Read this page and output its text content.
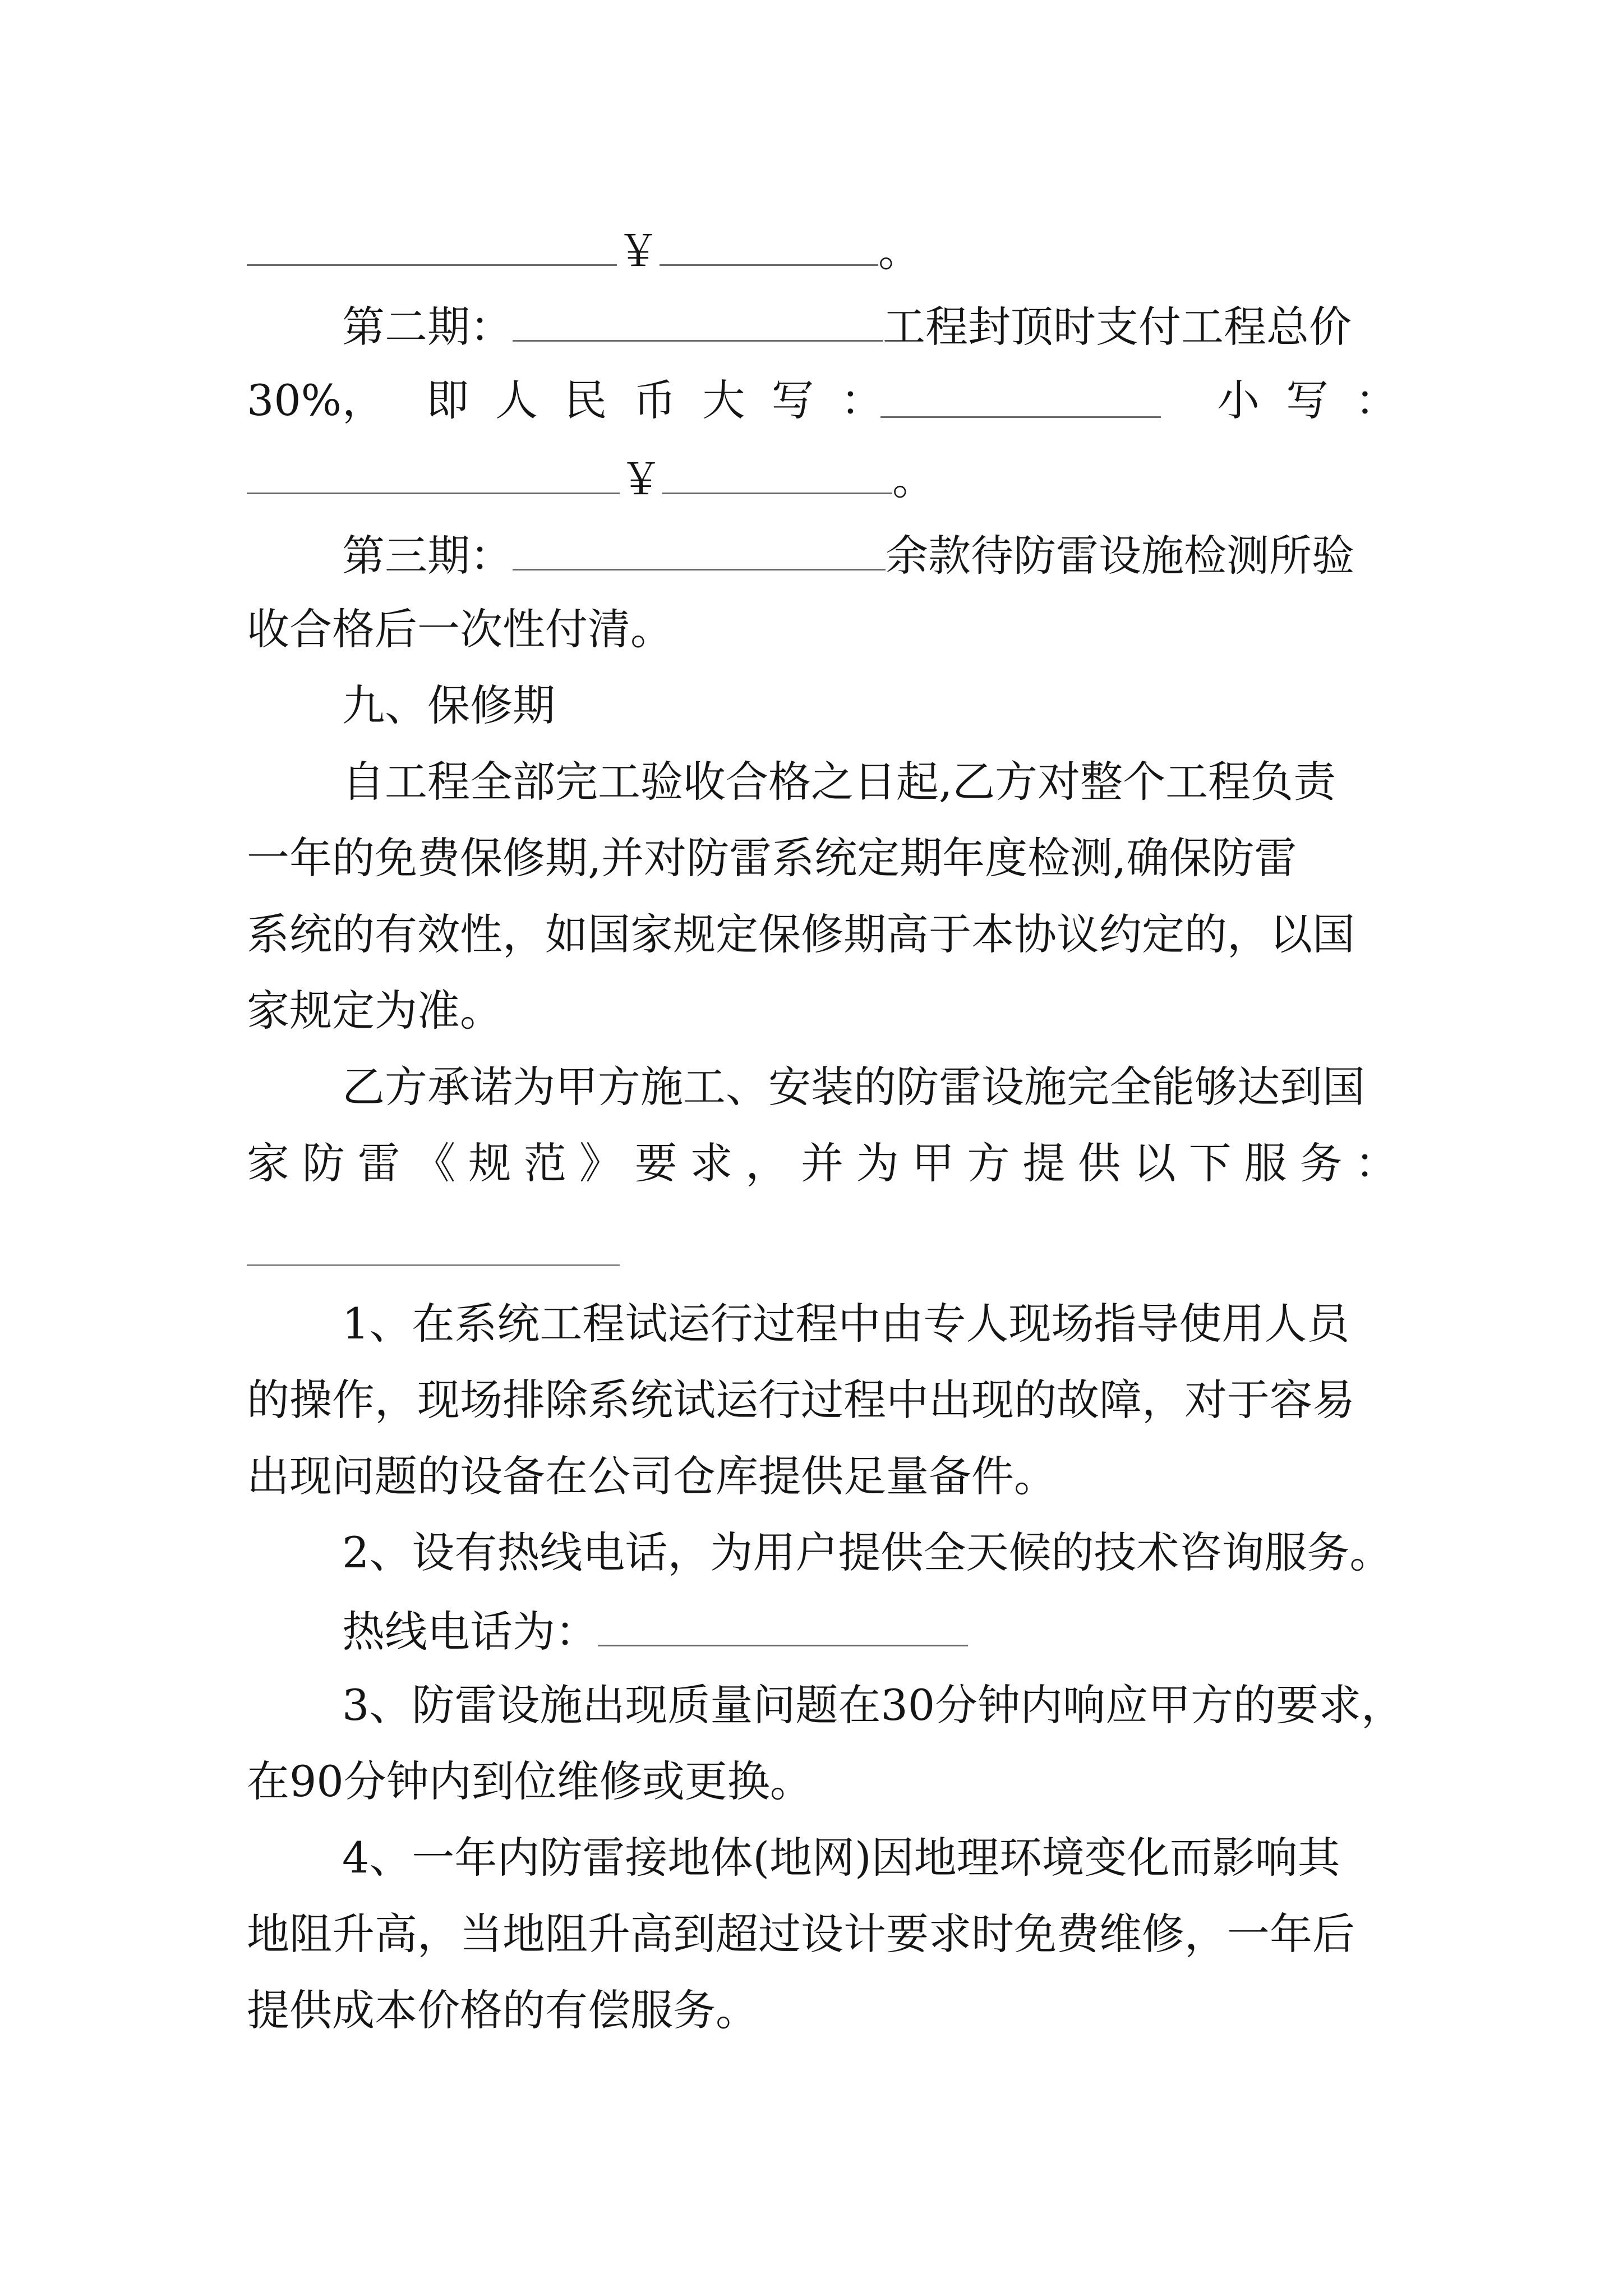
￥	。
第二期：	工程封顶时支付工程总价
30% ， 即人民币大写：	小写：
￥	。
第三期：	余款待防雷设施检测所验
收合格后一次性付清。
九、保修期
自工程全部完工验收合格之日起,乙方对整个工程负责
一年的免费保修期,并对防雷系统定期年度检测,确保防雷
系统的有效性，如国家规定保修期高于本协议约定的，以国
家规定为准。
乙方承诺为甲方施工、安装的防雷设施完全能够达到国
家防雷《规范》要求，并为甲方提供以下服务：
1、在系统工程试运行过程中由专人现场指导使用人员
的操作，现场排除系统试运行过程中出现的故障，对于容易
出现问题的设备在公司仓库提供足量备件。
2、设有热线电话，为用户提供全天候的技术咨询服务。
热线电话为：
3、防雷设施出现质量问题在30分钟内响应甲方的要求，
在90分钟内到位维修或更换。
4、一年内防雷接地体(地网)因地理环境变化而影响其
地阻升高，当地阻升高到超过设计要求时免费维修，一年后
提供成本价格的有偿服务。
